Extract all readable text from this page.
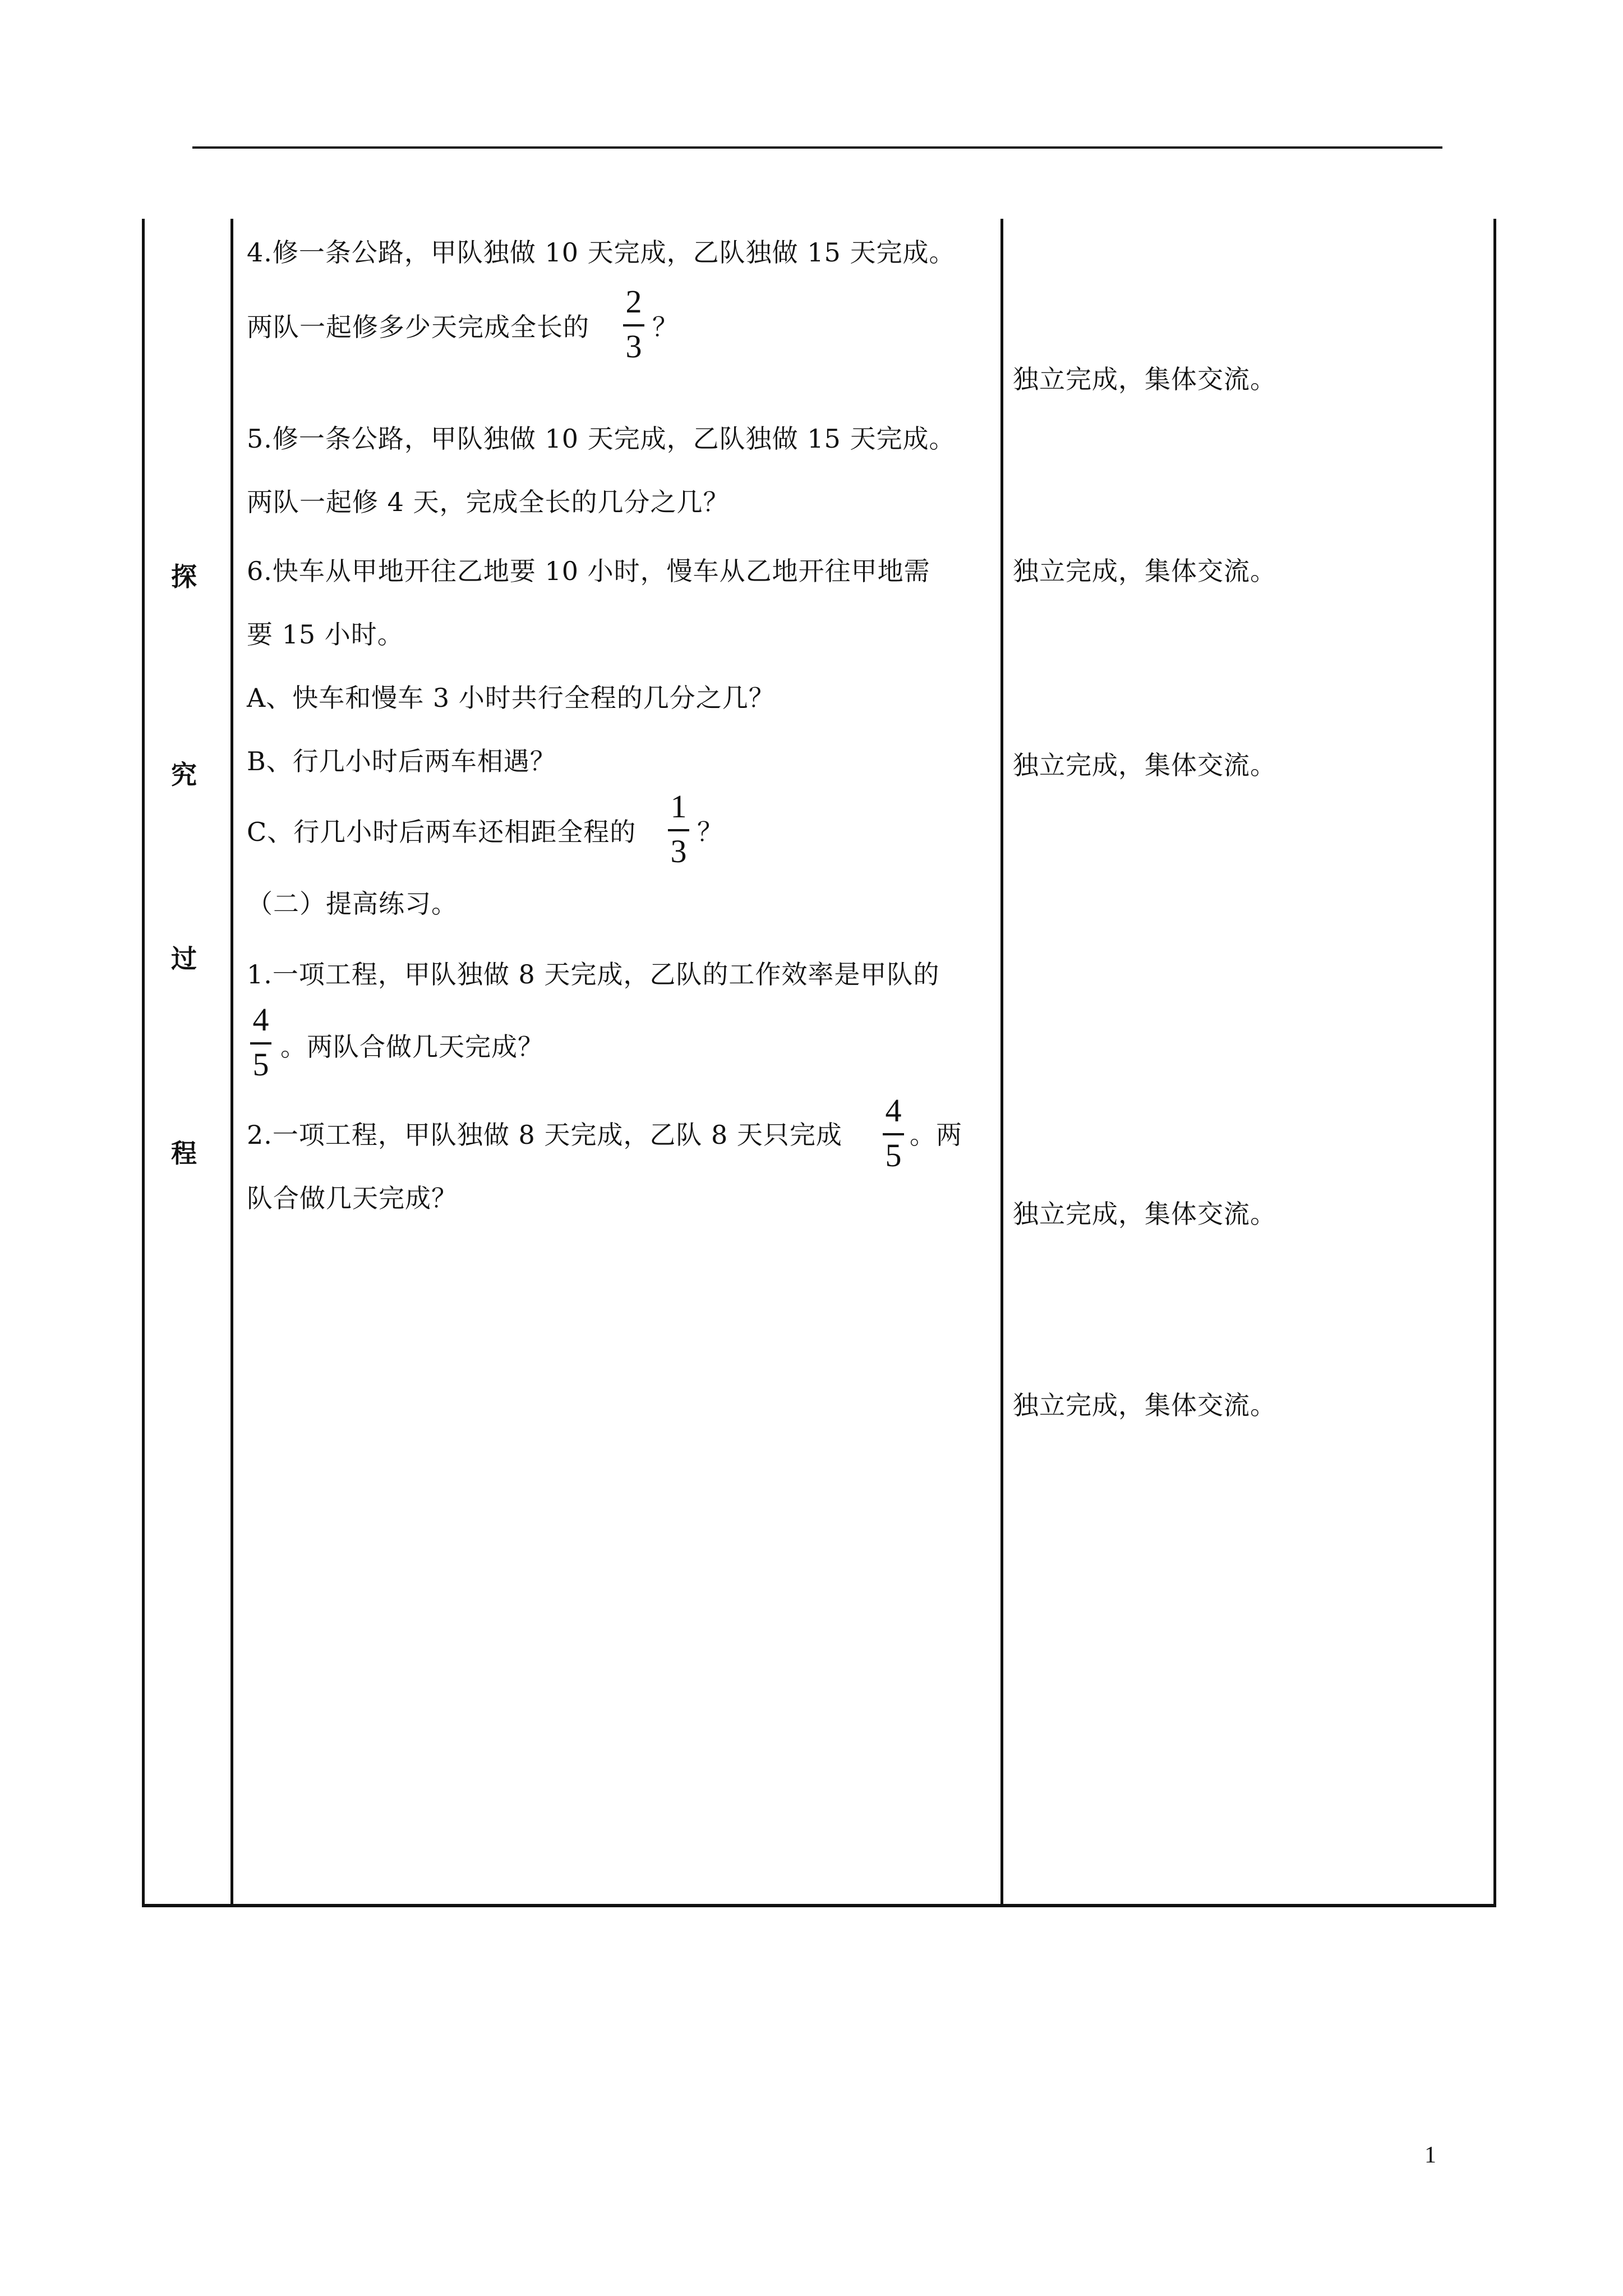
探
究
过
程
4.修一条公路，甲队独做 10 天完成，乙队独做 15 天完成。
两队一起修多少天完成全长的
2
3
？
5.修一条公路，甲队独做 10 天完成，乙队独做 15 天完成。
两队一起修 4 天，完成全长的几分之几？
6.快车从甲地开往乙地要 10 小时，慢车从乙地开往甲地需
要 15 小时。
A、快车和慢车 3 小时共行全程的几分之几？
B、行几小时后两车相遇？
C、行几小时后两车还相距全程的
1
3
？
（二）提高练习。
1.一项工程，甲队独做 8 天完成，乙队的工作效率是甲队的
4
5 。两队合做几天完成？
2.一项工程，甲队独做 8 天完成，乙队 8 天只完成
4
5
。两
队合做几天完成？
独立完成，集体交流。
独立完成，集体交流。
独立完成，集体交流。
独立完成，集体交流。
独立完成，集体交流。
1
